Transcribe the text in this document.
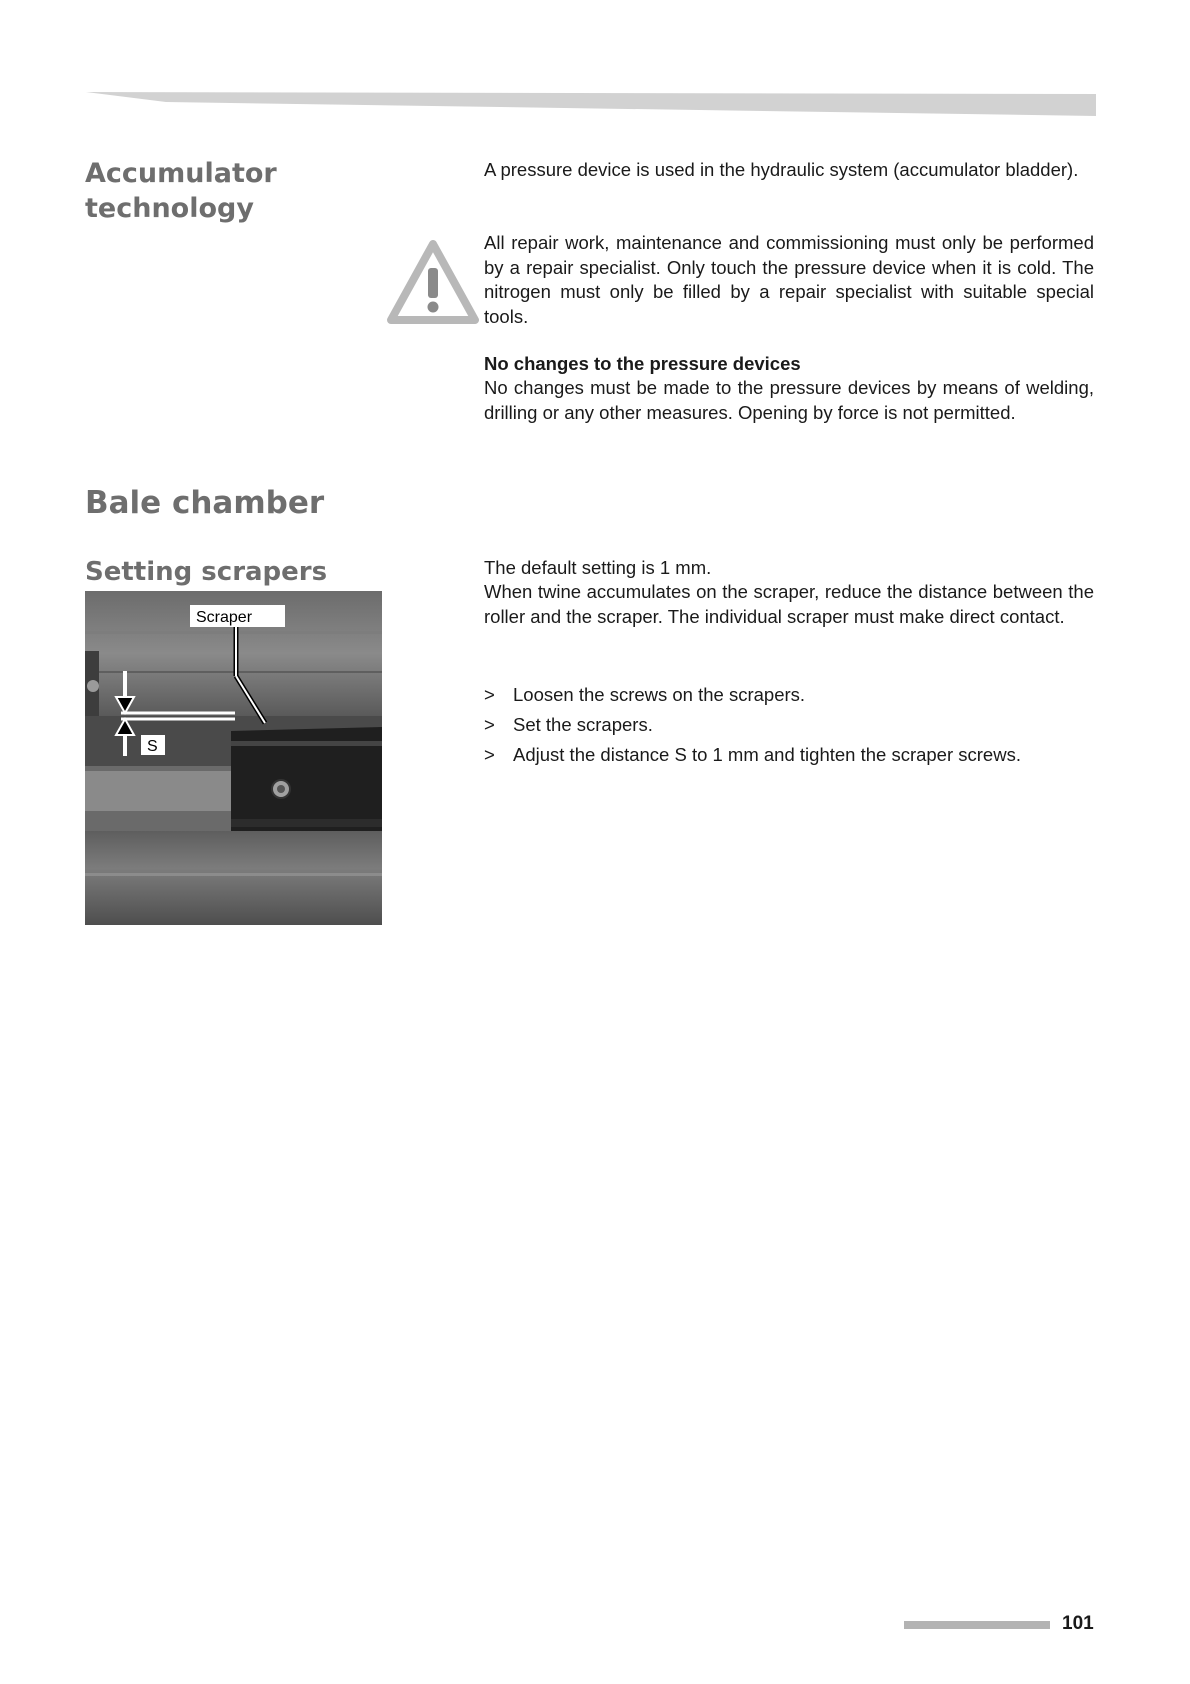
Accumulator
technology

A pressure device is used in the hydraulic system (accumulator bladder).

All repair work, maintenance and commissioning must only be performed by a repair specialist. Only touch the pressure device when it is cold. The nitrogen must only be filled by a repair specialist with suitable special tools.

No changes to the pressure devices

No changes must be made to the pressure devices by means of welding, drilling or any other measures. Opening by force is not permitted.

Bale chamber
Setting scrapers
Scraper
S

The default setting is 1 mm.

When twine accumulates on the scraper, reduce the distance between the roller and the scraper. The individual scraper must make direct contact.

> Loosen the screws on the scrapers.
> Set the scrapers.
> Adjust the distance S to 1 mm and tighten the scraper screws.
101
